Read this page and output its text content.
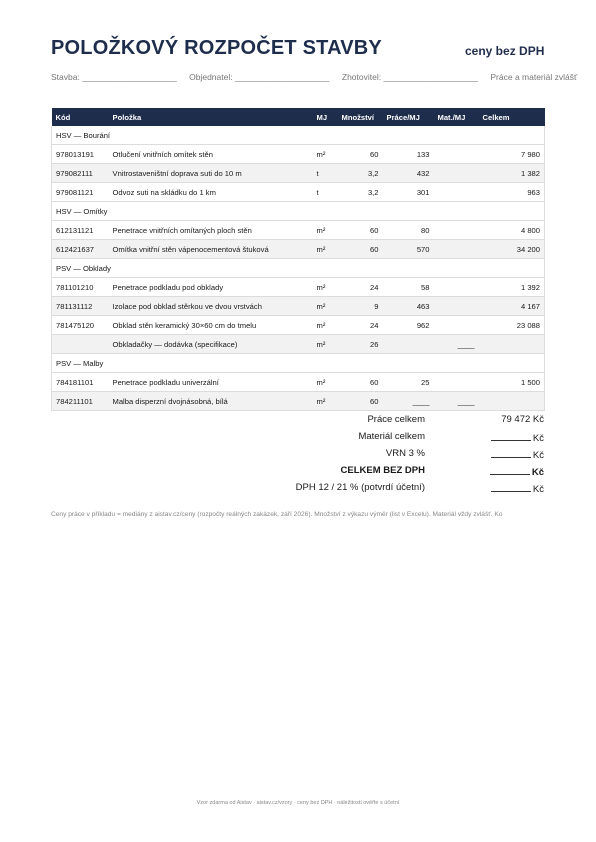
POLOŽKOVÝ ROZPOČET STAVBY	ceny bez DPH
Stavba: ____________________ Objednatel: ____________________ Zhotovitel: ____________________ Práce a materiál zvlášť
Kód	Položka	MJ	Množství	Práce/MJ	Mat./MJ	Celkem
HSV — Bourání						
978013191	Otlučení vnitřních omítek stěn	m²	60	133		7 980
979082111	Vnitrostaveništní doprava suti do 10 m	t	3,2	432		1 382
979081121	Odvoz suti na skládku do 1 km	t	3,2	301		963
HSV — Omítky						
612131121	Penetrace vnitřních omítaných ploch stěn	m²	60	80		4 800
612421637	Omítka vnitřní stěn vápenocementová štuková	m²	60	570		34 200
PSV — Obklady						
781101210	Penetrace podkladu pod obklady	m²	24	58		1 392
781131112	Izolace pod obklad stěrkou ve dvou vrstvách	m²	9	463		4 167
781475120	Obklad stěn keramický 30×60 cm do tmelu	m²	24	962		23 088
	Obkladačky — dodávka (specifikace)	m²	26		____	
PSV — Malby						
784181101	Penetrace podkladu univerzální	m²	60	25		1 500
784211101	Malba disperzní dvojnásobná, bílá	m²	60	____	____	
Práce celkem	79 472 Kč
Materiál celkem	Kč
VRN 3 %	Kč
CELKEM BEZ DPH	Kč
DPH 12 / 21 % (potvrdí účetní)	Kč
Ceny práce v příkladu = mediány z aistav.cz/ceny (rozpočty reálných zakázek, září 2026). Množství z výkazu výměr (list v Excelu). Materiál vždy zvlášť. Ko
Vzor zdarma od Aistav · aistav.cz/vzory · ceny bez DPH · náležitosti ověřte s účetní
